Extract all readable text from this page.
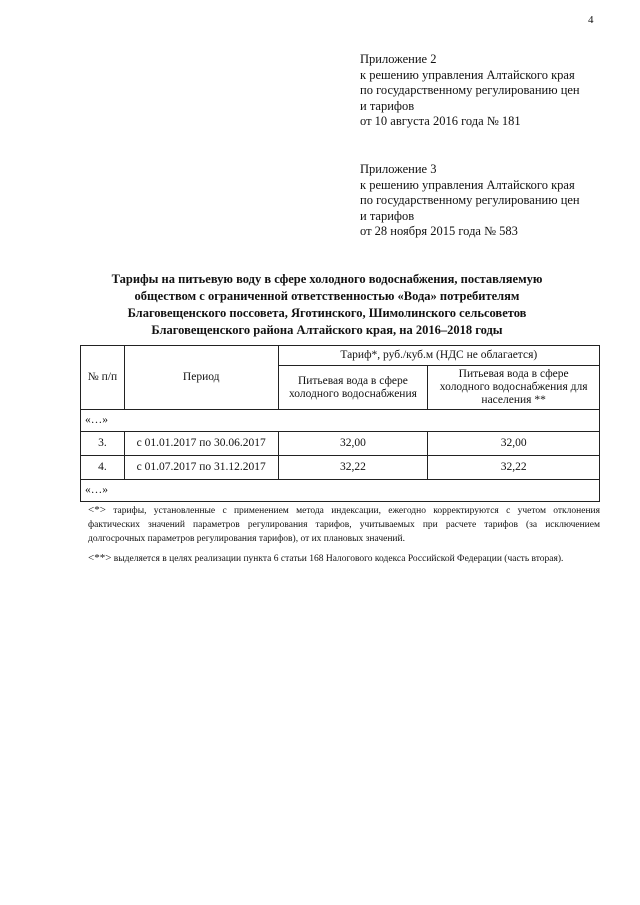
4
Приложение 2
к решению управления Алтайского края
по государственному регулированию цен
и тарифов
от 10 августа 2016 года № 181
Приложение 3
к решению управления Алтайского края
по государственному регулированию цен
и тарифов
от 28 ноября 2015 года № 583
Тарифы на питьевую воду в сфере холодного водоснабжения, поставляемую обществом с ограниченной ответственностью «Вода» потребителям Благовещенского поссовета, Яготинского, Шимолинского сельсоветов Благовещенского района Алтайского края, на 2016–2018 годы
№ п/п	Период	Тариф*, руб./куб.м (НДС не облагается)	
		Питьевая вода в сфере холодного водоснабжения	Питьевая вода в сфере холодного водоснабжения для населения **
«…»			
3.	с 01.01.2017 по 30.06.2017	32,00	32,00
4.	с 01.07.2017 по 31.12.2017	32,22	32,22
«…»			

<*> тарифы, установленные с применением метода индексации, ежегодно корректируются с учетом отклонения фактических значений параметров регулирования тарифов, учитываемых при расчете тарифов (за исключением долгосрочных параметров регулирования тарифов), от их плановых значений.

<**> выделяется в целях реализации пункта 6 статьи 168 Налогового кодекса Российской Федерации (часть вторая).
